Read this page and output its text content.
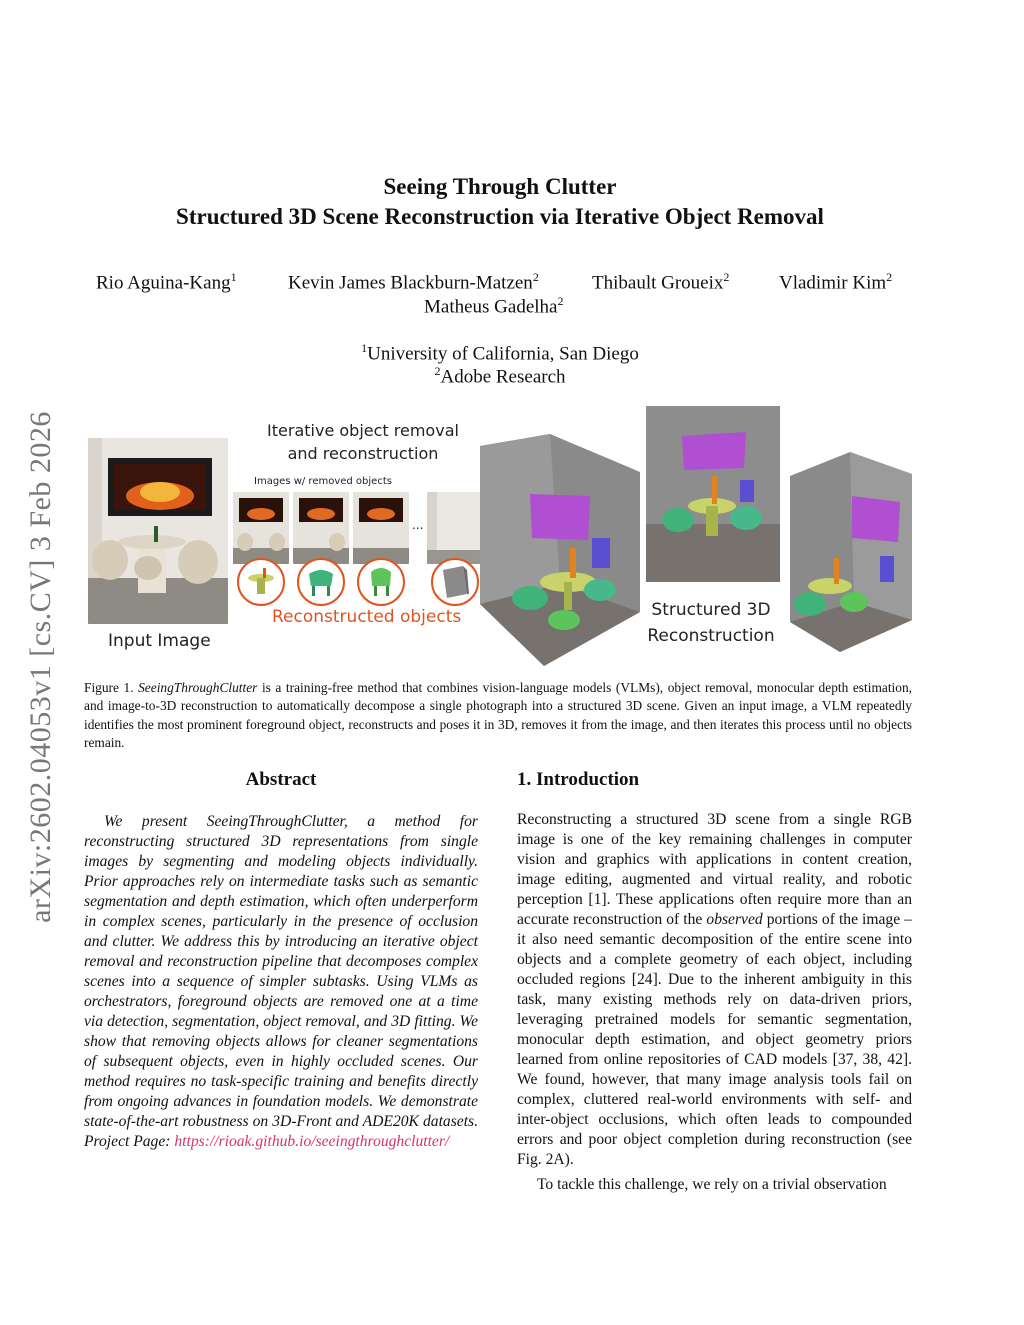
arXiv:2602.04053v1 [cs.CV] 3 Feb 2026
Seeing Through Clutter
Structured 3D Scene Reconstruction via Iterative Object Removal
Rio Aguina-Kang$^1$	Kevin James Blackburn-Matzen$^2$	Thibault Groueix$^2$	Vladimir Kim$^2$
Matheus Gadelha$^2$
$^1$University of California, San Diego
$^2$Adobe Research
Input Image
Iterative object removal
and reconstruction
Images w/ removed objects
...
Reconstructed objects	Structured 3D
Reconstruction
Figure 1. SeeingThroughClutter is a training-free method that combines vision-language models (VLMs), object removal, monocular depth estimation, and image-to-3D reconstruction to automatically decompose a single photograph into a structured 3D scene. Given an input image, a VLM repeatedly identifies the most prominent foreground object, reconstructs and poses it in 3D, removes it from the image, and then iterates this process until no objects remain.
Abstract
We present SeeingThroughClutter, a method for reconstructing structured 3D representations from single images by segmenting and modeling objects individually. Prior approaches rely on intermediate tasks such as semantic segmentation and depth estimation, which often underperform in complex scenes, particularly in the presence of occlusion and clutter. We address this by introducing an iterative object removal and reconstruction pipeline that decomposes complex scenes into a sequence of simpler subtasks. Using VLMs as orchestrators, foreground objects are removed one at a time via detection, segmentation, object removal, and 3D fitting. We show that removing objects allows for cleaner segmentations of subsequent objects, even in highly occluded scenes. Our method requires no task-specific training and benefits directly from ongoing advances in foundation models. We demonstrate state-of-the-art robustness on 3D-Front and ADE20K datasets. Project Page: https://rioak.github.io/seeingthroughclutter/
1. Introduction
Reconstructing a structured 3D scene from a single RGB image is one of the key remaining challenges in computer vision and graphics with applications in content creation, image editing, augmented and virtual reality, and robotic perception [1]. These applications often require more than an accurate reconstruction of the observed portions of the image – it also need semantic decomposition of the entire scene into objects and a complete geometry of each object, including occluded regions [24]. Due to the inherent ambiguity in this task, many existing methods rely on data-driven priors, leveraging pretrained models for semantic segmentation, monocular depth estimation, and object geometry priors learned from online repositories of CAD models [37, 38, 42]. We found, however, that many image analysis tools fail on complex, cluttered real-world environments with self- and inter-object occlusions, which often leads to compounded errors and poor object completion during reconstruction (see Fig. 2A).
To tackle this challenge, we rely on a trivial observation
